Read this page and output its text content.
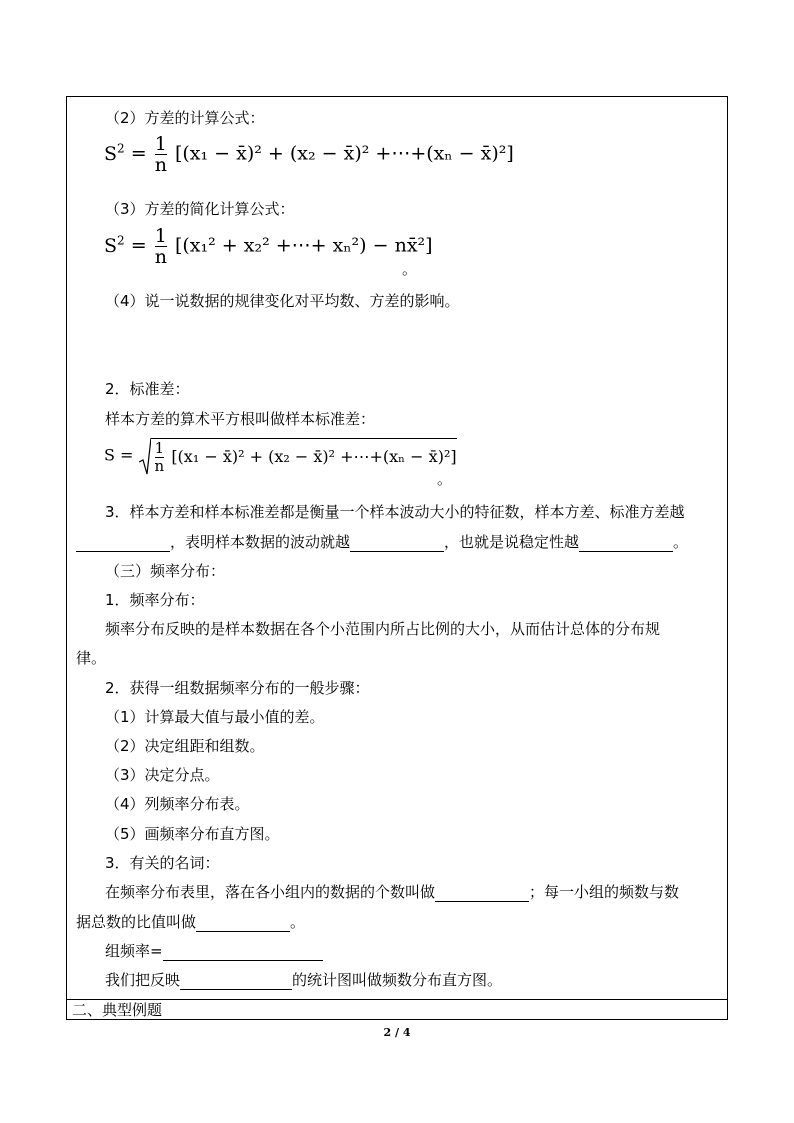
（2）方差的计算公式：
$S^2 = \frac{1}{n} [(x_1$ − x̄)² + (x₂ − x̄)² +⋯+(xₙ − x̄)²]
（3）方差的简化计算公式：
$S^2 = \frac{1}{n} [(x_1^2 + x_2^2$ +⋯+ xₙ²) − nx̄²]
。
（4）说一说数据的规律变化对平均数、方差的影响。
2．标准差：
样本方差的算术平方根叫做样本标准差：
$S = \frac{1}{n} [(x_1$ − x̄)² + (x₂ − x̄)² +⋯+(xₙ − x̄)²]
。
3．样本方差和样本标准差都是衡量一个样本波动大小的特征数，样本方差、标准方差越
，表明样本数据的波动就越	，也就是说稳定性越	。
（三）频率分布：
1．频率分布：
频率分布反映的是样本数据在各个小范围内所占比例的大小，从而估计总体的分布规
律。
2．获得一组数据频率分布的一般步骤：
（1）计算最大值与最小值的差。
（2）决定组距和组数。
（3）决定分点。
（4）列频率分布表。
（5）画频率分布直方图。
3．有关的名词：
在频率分布表里，落在各小组内的数据的个数叫做	；每一小组的频数与数
据总数的比值叫做	。
组频率=
我们把反映	的统计图叫做频数分布直方图。
二、典型例题
2 / 4
